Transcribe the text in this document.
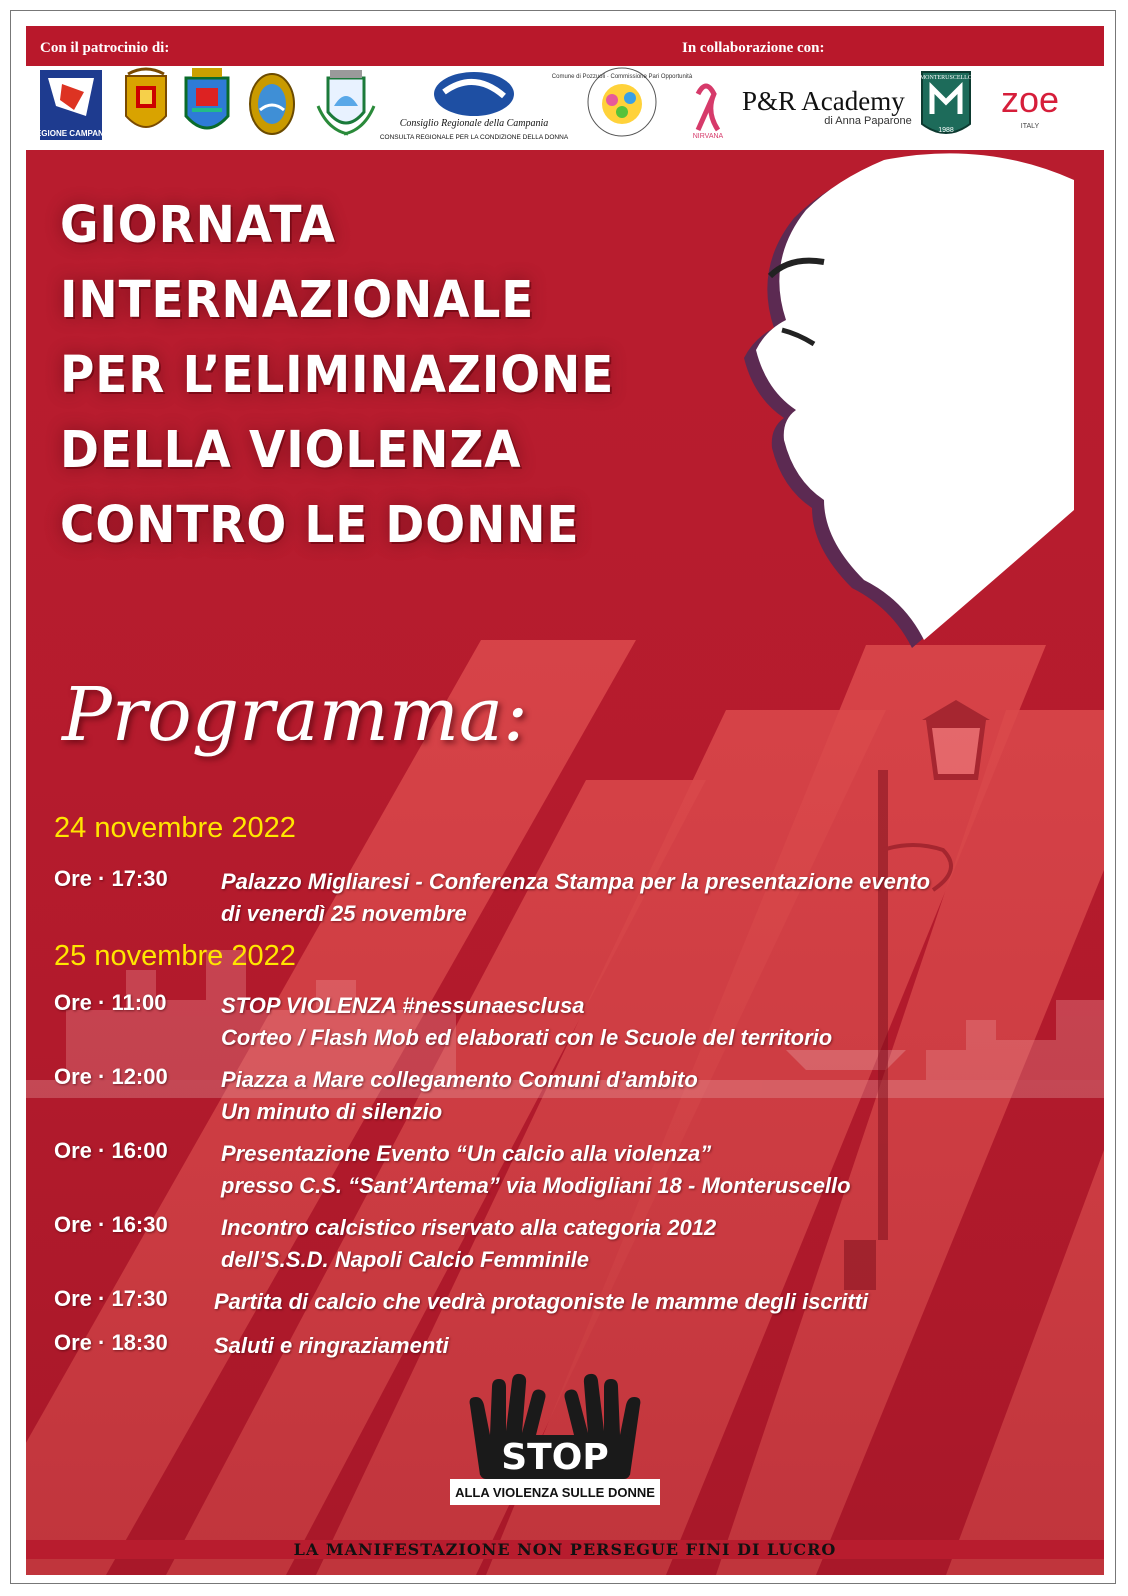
Con il patrocinio di:	In collaborazione con:
REGIONE CAMPANIA
Consiglio Regionale della Campania
CONSULTA REGIONALE PER LA CONDIZIONE DELLA DONNA
Comune di Pozzuoli · Commissione Pari Opportunità
NIRVANA
P&R Academy
di Anna Paparone
MONTERUSCELLO
1988
zoe
ITALY
GIORNATA
INTERNAZIONALE
PER L’ELIMINAZIONE
DELLA VIOLENZA
CONTRO LE DONNE
Programma:
24 novembre 2022
Ore · 17:30	Palazzo Migliaresi - Conferenza Stampa per la presentazione evento
di venerdì 25 novembre
25 novembre 2022
Ore · 11:00	STOP VIOLENZA #nessunaesclusa
Corteo / Flash Mob ed elaborati con le Scuole del territorio
Ore · 12:00	Piazza a Mare collegamento Comuni d’ambito
Un minuto di silenzio
Ore · 16:00	Presentazione Evento “Un calcio alla violenza”
presso C.S. “Sant’Artema” via Modigliani 18 - Monteruscello
Ore · 16:30	Incontro calcistico riservato alla categoria 2012
dell’S.S.D. Napoli Calcio Femminile
Ore · 17:30	Partita di calcio che vedrà protagoniste le mamme degli iscritti
Ore · 18:30	Saluti e ringraziamenti
STOP
ALLA VIOLENZA SULLE DONNE
LA MANIFESTAZIONE NON PERSEGUE FINI DI LUCRO
